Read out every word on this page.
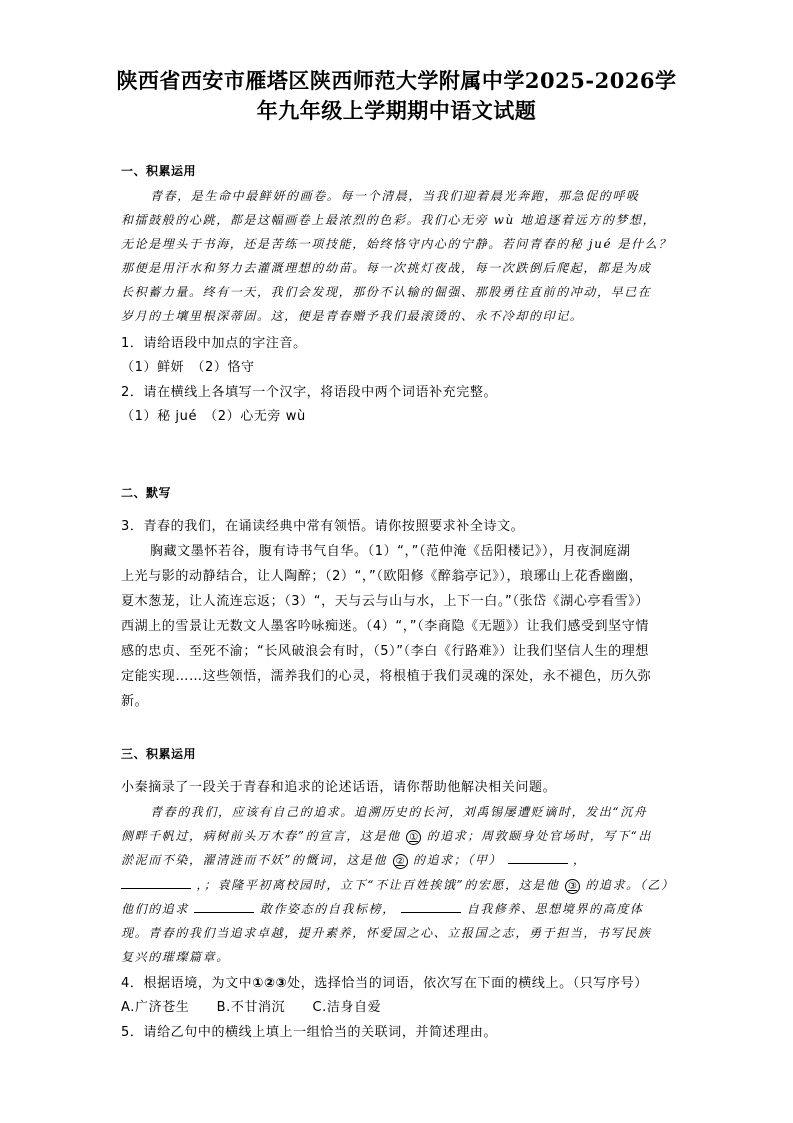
陕西省西安市雁塔区陕西师范大学附属中学2025-2026学
年九年级上学期期中语文试题
一、积累运用
青春，是生命中最鲜妍的画卷。每一个清晨，当我们迎着晨光奔跑，那急促的呼吸
和擂鼓般的心跳，都是这幅画卷上最浓烈的色彩。我们心无旁 wù 地追逐着远方的梦想，
无论是埋头于书海，还是苦练一项技能，始终恪守内心的宁静。若问青春的秘 jué 是什么？
那便是用汗水和努力去灌溉理想的幼苗。每一次挑灯夜战，每一次跌倒后爬起，都是为成
长积蓄力量。终有一天，我们会发现，那份不认输的倔强、那股勇往直前的冲动，早已在
岁月的土壤里根深蒂固。这，便是青春赠予我们最滚烫的、永不冷却的印记。
1．请给语段中加点的字注音。
（1）鲜妍　（2）恪守
2．请在横线上各填写一个汉字，将语段中两个词语补充完整。
（1）秘 jué　（2）心无旁 wù
二、默写
3．青春的我们，在诵读经典中常有领悟。请你按照要求补全诗文。
胸藏文墨怀若谷，腹有诗书气自华。（1）“，”（范仲淹《岳阳楼记》），月夜洞庭湖
上光与影的动静结合，让人陶醉；（2）“，”（欧阳修《醉翁亭记》），琅琊山上花香幽幽，
夏木葱茏，让人流连忘返；（3）“，天与云与山与水，上下一白。”（张岱《湖心亭看雪》）
西湖上的雪景让无数文人墨客吟咏痴迷。（4）“，”（李商隐《无题》）让我们感受到坚守情
感的忠贞、至死不渝；“长风破浪会有时，（5）”（李白《行路难》）让我们坚信人生的理想
定能实现……这些领悟，濡养我们的心灵，将根植于我们灵魂的深处，永不褪色，历久弥
新。
三、积累运用
小秦摘录了一段关于青春和追求的论述话语，请你帮助他解决相关问题。
青春的我们，应该有自己的追求。追溯历史的长河，刘禹锡屡遭贬谪时，发出“沉舟
侧畔千帆过，病树前头万木春”的宣言，这是他 ① 的追求；周敦颐身处官场时，写下“出
淤泥而不染，濯清涟而不妖”的慨词，这是他 ② 的追求；（甲）	，
，；袁隆平初离校园时，立下“不让百姓挨饿”的宏愿，这是他 ③ 的追求。（乙）
他们的追求	敢作姿态的自我标榜，	自我修养、思想境界的高度体
现。青春的我们当追求卓越，提升素养，怀爱国之心、立报国之志，勇于担当，书写民族
复兴的璀璨篇章。
4．根据语境，为文中①②③处，选择恰当的词语，依次写在下面的横线上。（只写序号）
A.广济苍生　　B.不甘消沉　　C.洁身自爱
5．请给乙句中的横线上填上一组恰当的关联词，并简述理由。
